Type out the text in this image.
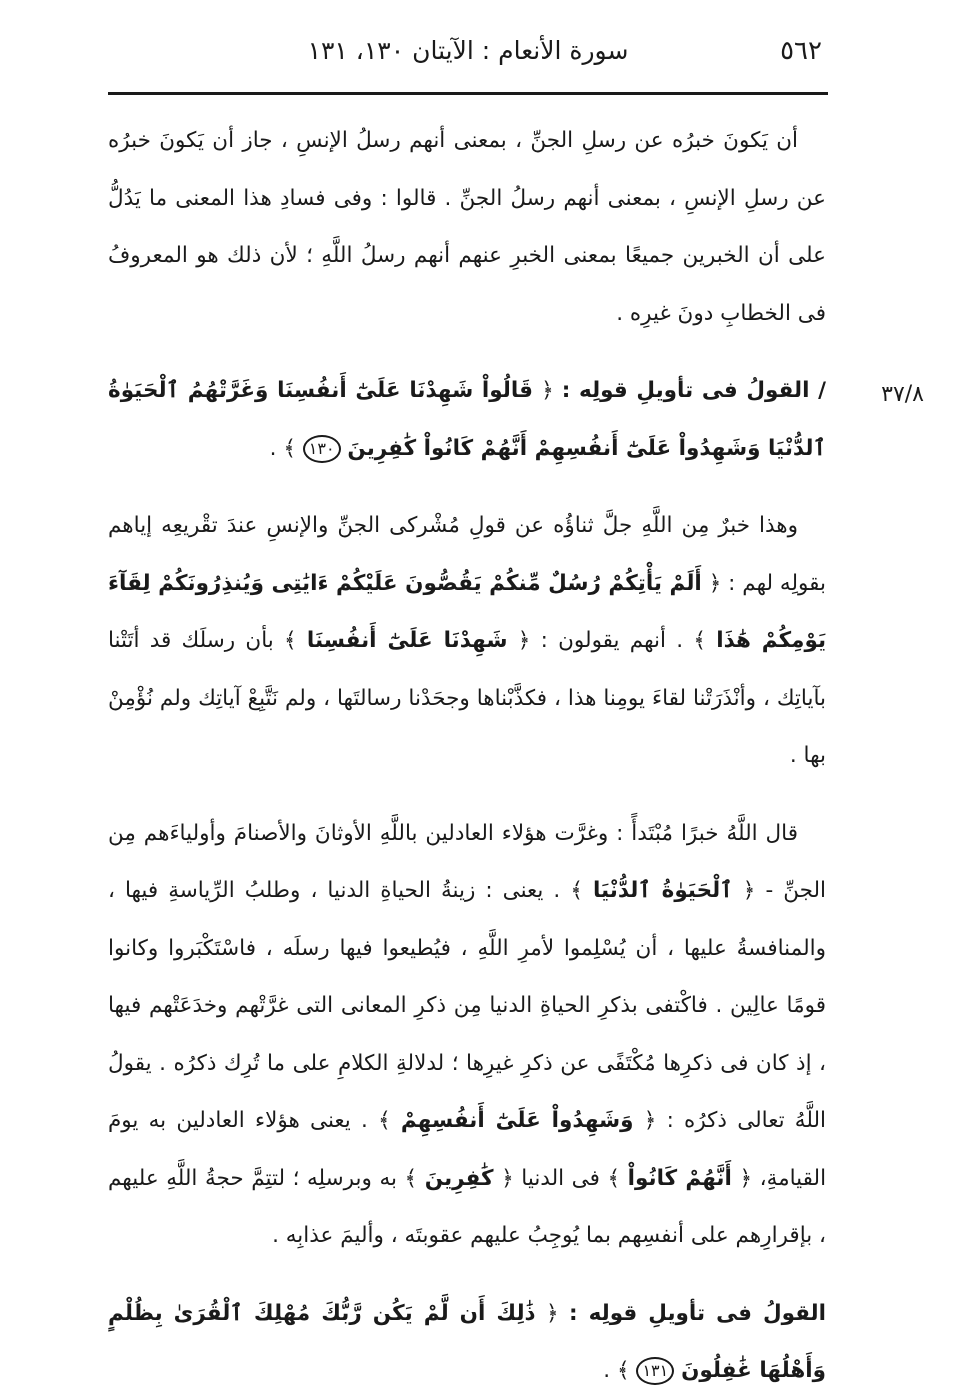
٥٦٢
سورة الأنعام : الآيتان ١٣٠، ١٣١

أن يَكونَ خبرُه عن رسلِ الجنِّ ، بمعنى أنهم رسلُ الإنسِ ، جاز أن يَكونَ خبرُه عن رسلِ الإنسِ ، بمعنى أنهم رسلُ الجنِّ . قالوا : وفى فسادِ هذا المعنى ما يَدُلُّ على أن الخبرين جميعًا بمعنى الخبرِ عنهم أنهم رسلُ اللَّهِ ؛ لأن ذلك هو المعروفُ فى الخطابِ دونَ غيرِه .

٣٧/٨
/ القولُ فى تأويلِ قولِه : ﴿ قَالُواْ شَهِدْنَا عَلَىٰٓ أَنفُسِنَا وَغَرَّتْهُمُ ٱلْحَيَوٰةُ ٱلدُّنْيَا وَشَهِدُواْ عَلَىٰٓ أَنفُسِهِمْ أَنَّهُمْ كَانُواْ كَٰفِرِينَ ١٣٠ ﴾ .

وهذا خبرٌ مِن اللَّهِ جلَّ ثناؤُه عن قولِ مُشْركى الجنِّ والإنسِ عندَ تقْريعِه إياهم بقولِه لهم : ﴿ أَلَمْ يَأْتِكُمْ رُسُلٌ مِّنكُمْ يَقُصُّونَ عَلَيْكُمْ ءَايَٰتِى وَيُنذِرُونَكُمْ لِقَآءَ يَوْمِكُمْ هَٰذَا ﴾ . أنهم يقولون : ﴿ شَهِدْنَا عَلَىٰٓ أَنفُسِنَا ﴾ بأن رسلَك قد أتَتْنا بآياتِك ، وأنْذَرَتْنا لقاءَ يومِنا هذا ، فكذَّبْناها وجحَدْنا رسالتَها ، ولم نَتَّبِعْ آياتِك ولم نُؤْمِنْ بها .

قال اللَّهُ خبرًا مُبْتَدأً : وغرَّت هؤلاء العادلين باللَّهِ الأوثانَ والأصنامَ وأولياءَهم مِن الجنِّ - ﴿ ٱلْحَيَوٰةُ ٱلدُّنْيَا ﴾ . يعنى : زينةُ الحياةِ الدنيا ، وطلبُ الرِّياسةِ فيها ، والمنافسةُ عليها ، أن يُسْلِموا لأمرِ اللَّهِ ، فيُطيعوا فيها رسلَه ، فاسْتَكْبَروا وكانوا قومًا عالِين . فاكْتفى بذكرِ الحياةِ الدنيا مِن ذكرِ المعانى التى غرَّتْهم وخدَعَتْهم فيها ، إذ كان فى ذكرِها مُكْتَفًى عن ذكرِ غيرِها ؛ لدلالةِ الكلامِ على ما تُرِك ذكرُه . يقولُ اللَّهُ تعالى ذكرُه : ﴿ وَشَهِدُواْ عَلَىٰٓ أَنفُسِهِمْ ﴾ . يعنى هؤلاء العادلين به يومَ القيامةِ، ﴿ أَنَّهُمْ كَانُواْ ﴾ فى الدنيا ﴿ كَٰفِرِينَ ﴾ به وبرسلِه ؛ لتتِمَّ حجةُ اللَّهِ عليهم ، بإقرارِهم على أنفسِهم بما يُوجِبُ عليهم عقوبتَه ، وأليمَ عذابِه .

القولُ فى تأويلِ قولِه : ﴿ ذَٰلِكَ أَن لَّمْ يَكُن رَّبُّكَ مُهْلِكَ ٱلْقُرَىٰ بِظُلْمٍ وَأَهْلُهَا غَٰفِلُونَ ١٣١ ﴾ .
